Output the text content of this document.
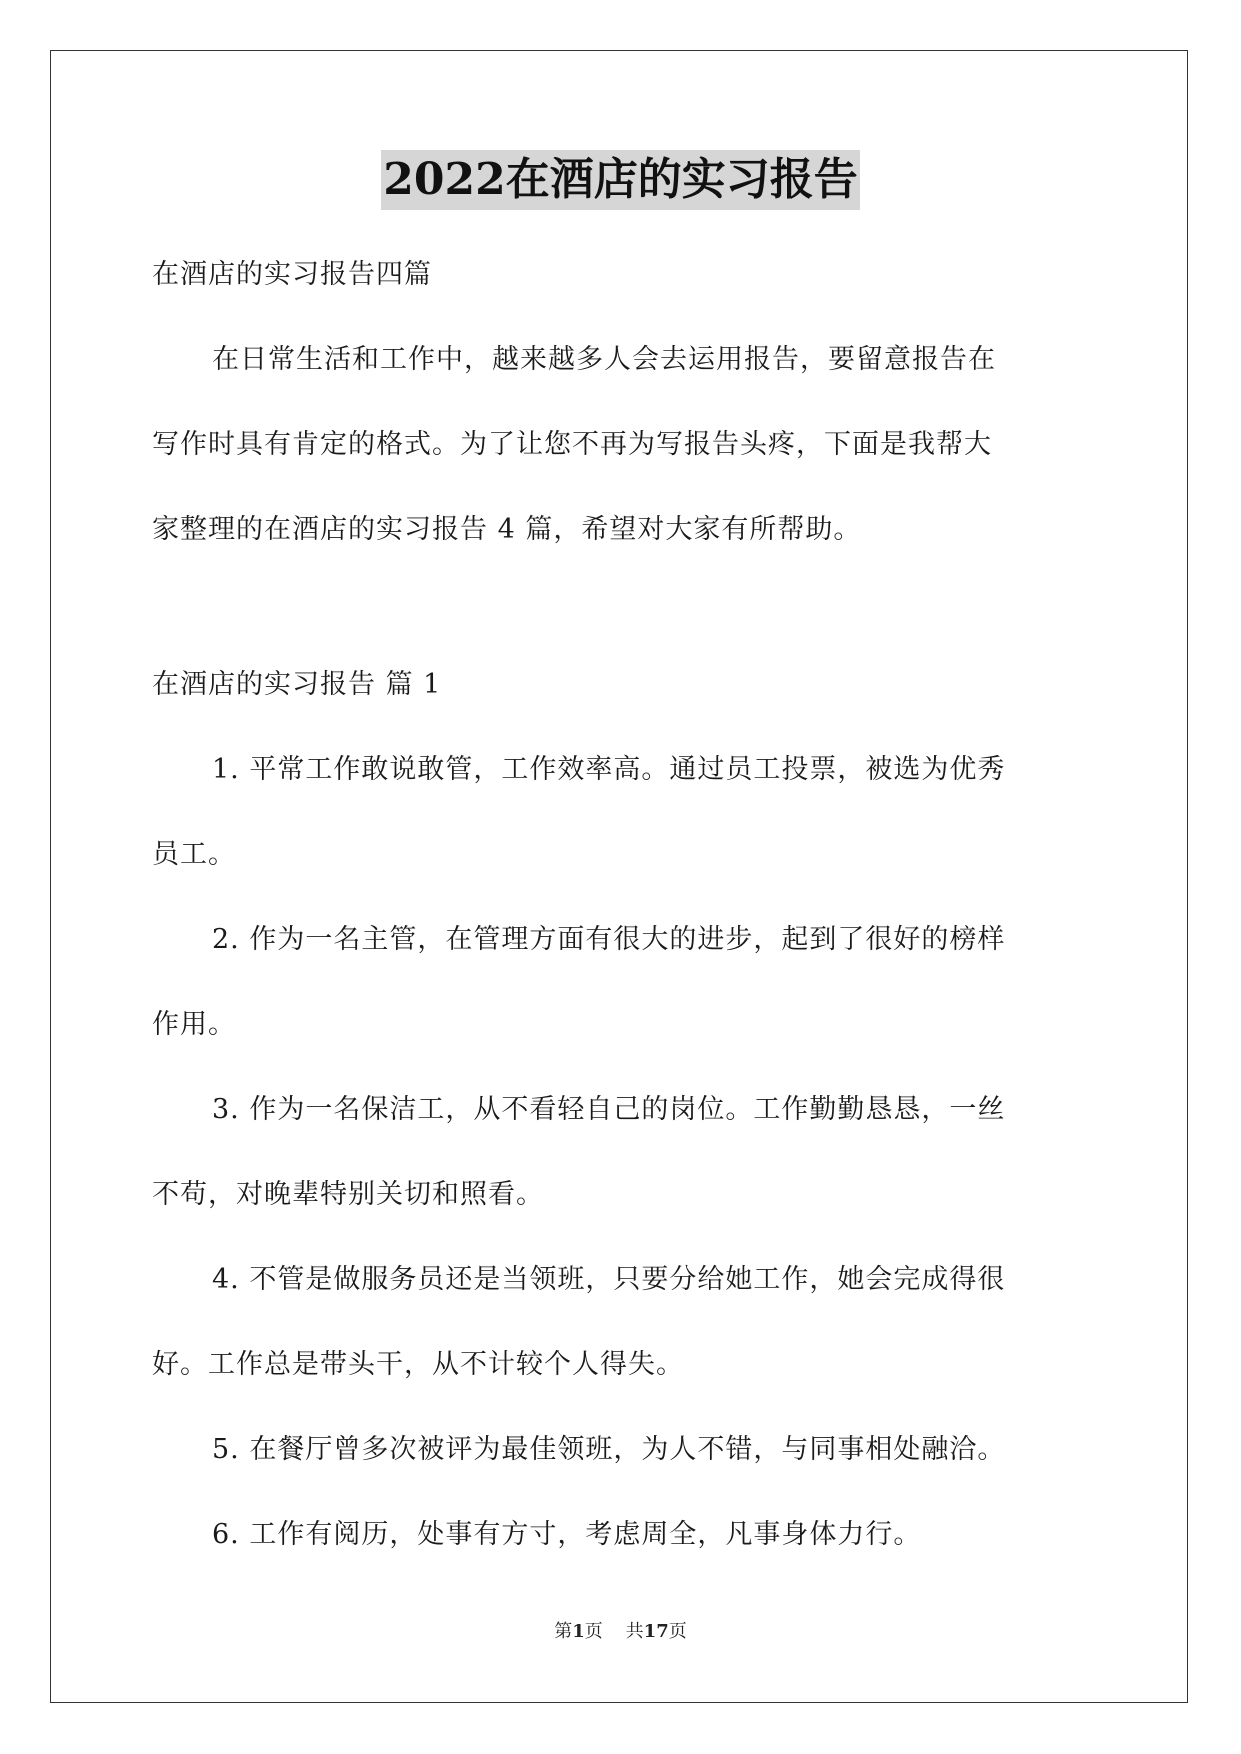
2022在酒店的实习报告
在酒店的实习报告四篇
在日常生活和工作中，越来越多人会去运用报告，要留意报告在
写作时具有肯定的格式。为了让您不再为写报告头疼，下面是我帮大
家整理的在酒店的实习报告 4 篇，希望对大家有所帮助。
在酒店的实习报告 篇 1
1. 平常工作敢说敢管，工作效率高。通过员工投票，被选为优秀
员工。
2. 作为一名主管，在管理方面有很大的进步，起到了很好的榜样
作用。
3. 作为一名保洁工，从不看轻自己的岗位。工作勤勤恳恳，一丝
不苟，对晚辈特别关切和照看。
4. 不管是做服务员还是当领班，只要分给她工作，她会完成得很
好。工作总是带头干，从不计较个人得失。
5. 在餐厅曾多次被评为最佳领班，为人不错，与同事相处融洽。
6. 工作有阅历，处事有方寸，考虑周全，凡事身体力行。
第1页 共17页
